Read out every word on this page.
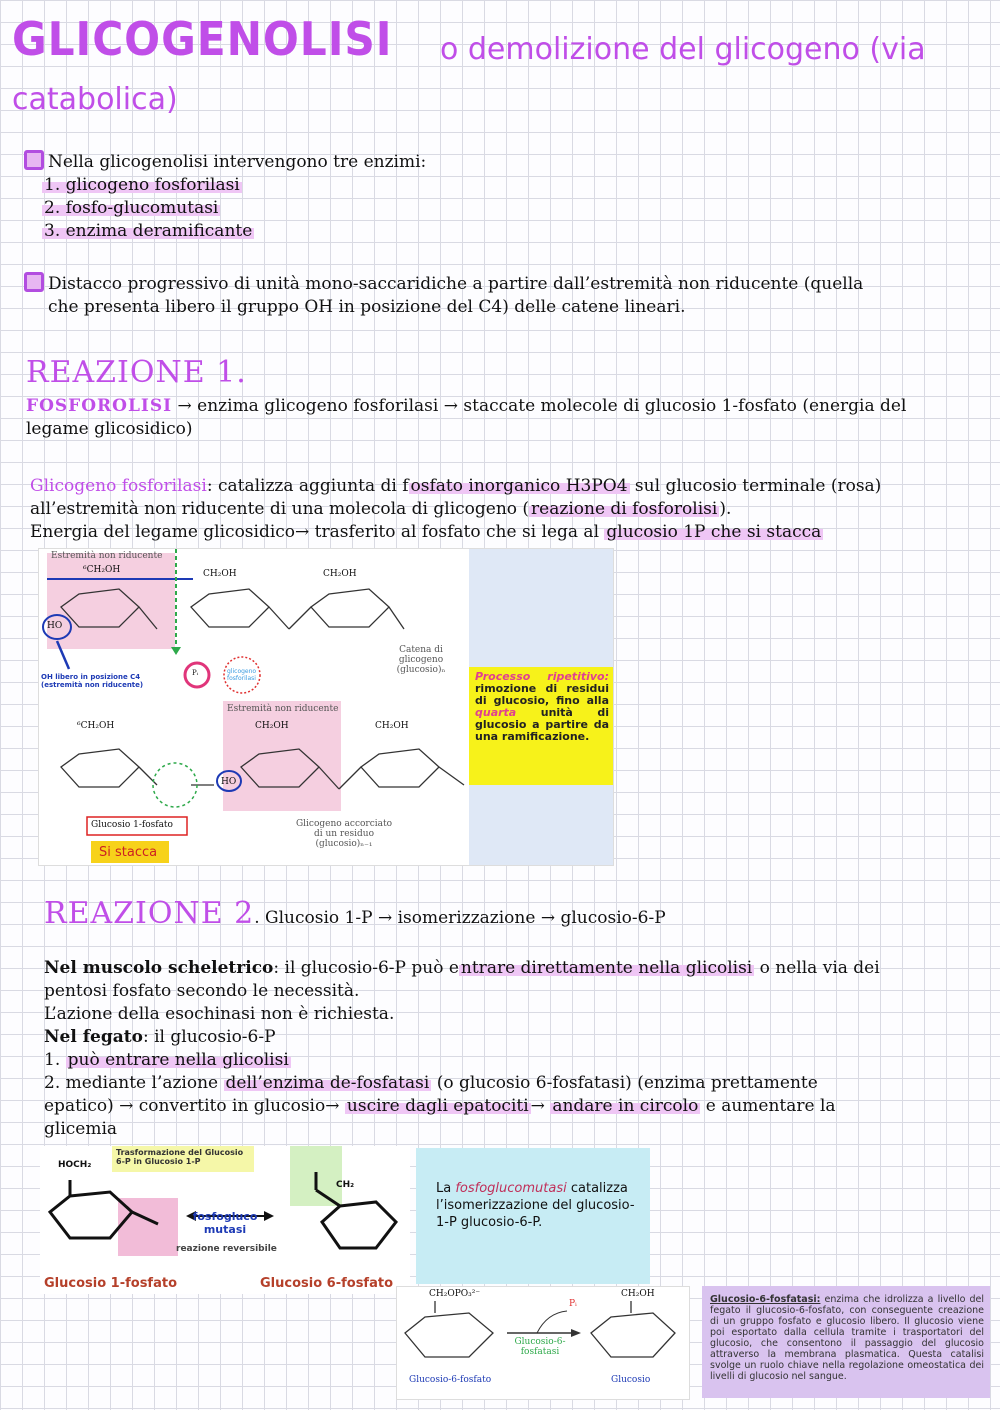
GLICOGENOLISI o demolizione del glicogeno (via
catabolica)
Nella glicogenolisi intervengono tre enzimi:
1. glicogeno fosforilasi
2. fosfo-glucomutasi
3. enzima deramificante
Distacco progressivo di unità mono-saccaridiche a partire dall’estremità non riducente (quella
che presenta libero il gruppo OH in posizione del C4) delle catene lineari.
REAZIONE 1.
FOSFOROLISI → enzima glicogeno fosforilasi → staccate molecole di glucosio 1-fosfato (energia del
legame glicosidico)
Glicogeno fosforilasi: catalizza aggiunta di f osfato inorganico H3PO4 sul glucosio terminale (rosa)
all’estremità non riducente di una molecola di glicogeno ( reazione di fosforolisi ).
Energia del legame glicosidico→ trasferito al fosfato che si lega al glucosio 1P che si stacca
Estremità non riducente
⁶CH₂OH	CH₂OH	CH₂OH
HO
Catena di glicogeno
(glucosio)ₙ
OH libero in posizione C4
(estremità non riducente)
Pᵢ	glicogeno fosforilasi
Estremità non riducente
⁶CH₂OH	CH₂OH	CH₂OH
HO
Processo ripetitivo: rimozione di residui di glucosio, fino alla quarta unità di glucosio a partire da una ramificazione.
Glucosio 1-fosfato
Si stacca
Glicogeno accorciato
di un residuo
(glucosio)ₙ₋₁
REAZIONE 2. Glucosio 1-P → isomerizzazione → glucosio-6-P
Nel muscolo scheletrico: il glucosio-6-P può e ntrare direttamente nella glicolisi o nella via dei
pentosi fosfato secondo le necessità.
L’azione della esochinasi non è richiesta.
Nel fegato: il glucosio-6-P
1. può entrare nella glicolisi
2. mediante l’azione dell’enzima de-fosfatasi (o glucosio 6-fosfatasi) (enzima prettamente
epatico) → convertito in glucosio→ uscire dagli epatociti → andare in circolo e aumentare la
glicemia
Trasformazione del Glucosio 6-P in Glucosio 1-P
HOCH₂
CH₂
fosfogluco mutasi
reazione reversibile
Glucosio 1-fosfato	Glucosio 6-fosfato
La fosfoglucomutasi catalizza l’isomerizzazione del glucosio-1-P glucosio-6-P.
CH₂OPO₃²⁻	CH₂OH
Pᵢ
Glucosio-6-fosfatasi
Glucosio-6-fosfato	Glucosio
Glucosio-6-fosfatasi: enzima che idrolizza a livello del fegato il glucosio-6-fosfato, con conseguente creazione di un gruppo fosfato e glucosio libero. Il glucosio viene poi esportato dalla cellula tramite i trasportatori del glucosio, che consentono il passaggio del glucosio attraverso la membrana plasmatica. Questa catalisi svolge un ruolo chiave nella regolazione omeostatica dei livelli di glucosio nel sangue.
